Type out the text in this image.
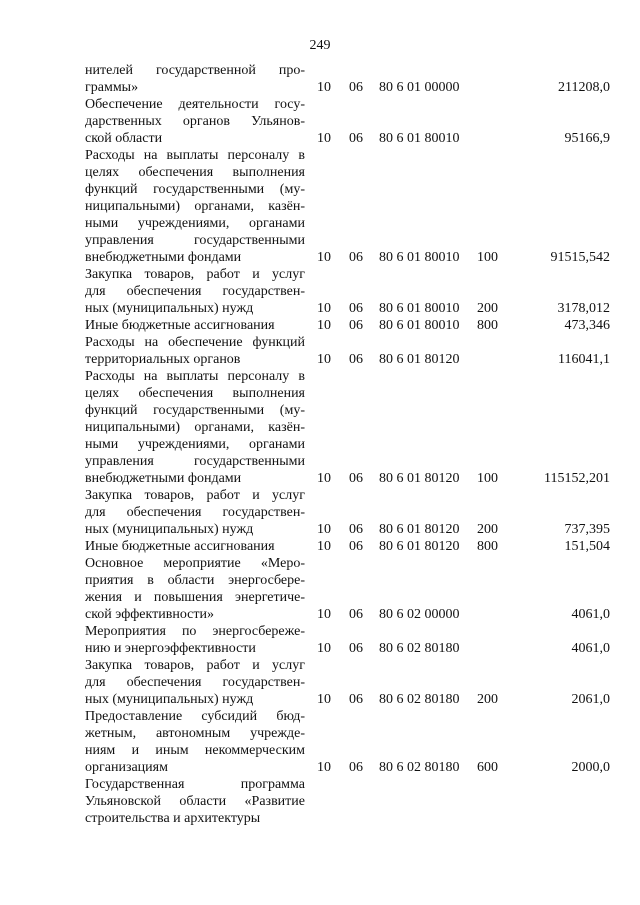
249
нителей государственной про-
граммы»	10 06 80 6 01 00000	211208,0
Обеспечение деятельности госу-
дарственных органов Ульянов-
ской области	10 06 80 6 01 80010	95166,9
Расходы на выплаты персоналу в
целях обеспечения выполнения
функций государственными (му-
ниципальными) органами, казён-
ными учреждениями, органами
управления государственными
внебюджетными фондами	10 06 80 6 01 80010 100	91515,542
Закупка товаров, работ и услуг
для обеспечения государствен-
ных (муниципальных) нужд	10 06 80 6 01 80010 200	3178,012
Иные бюджетные ассигнования	10 06 80 6 01 80010 800	473,346
Расходы на обеспечение функций
территориальных органов	10 06 80 6 01 80120	116041,1
Расходы на выплаты персоналу в
целях обеспечения выполнения
функций государственными (му-
ниципальными) органами, казён-
ными учреждениями, органами
управления государственными
внебюджетными фондами	10 06 80 6 01 80120 100	115152,201
Закупка товаров, работ и услуг
для обеспечения государствен-
ных (муниципальных) нужд	10 06 80 6 01 80120 200	737,395
Иные бюджетные ассигнования	10 06 80 6 01 80120 800	151,504
Основное мероприятие «Меро-
приятия в области энергосбере-
жения и повышения энергетиче-
ской эффективности»	10 06 80 6 02 00000	4061,0
Мероприятия по энергосбереже-
нию и энергоэффективности	10 06 80 6 02 80180	4061,0
Закупка товаров, работ и услуг
для обеспечения государствен-
ных (муниципальных) нужд	10 06 80 6 02 80180 200	2061,0
Предоставление субсидий бюд-
жетным, автономным учрежде-
ниям и иным некоммерческим
организациям	10 06 80 6 02 80180 600	2000,0
Государственная программа
Ульяновской области «Развитие
строительства и архитектуры
